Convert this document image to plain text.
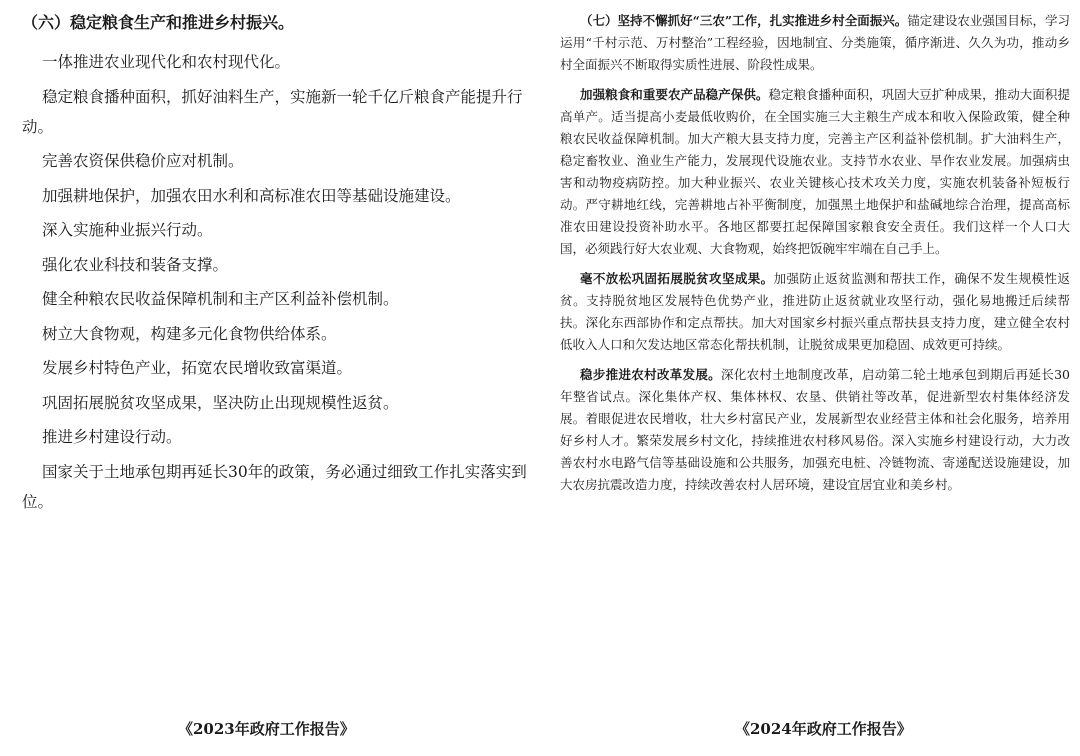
（六）稳定粮食生产和推进乡村振兴。
一体推进农业现代化和农村现代化。
稳定粮食播种面积，抓好油料生产，实施新一轮千亿斤粮食产能提升行动。
完善农资保供稳价应对机制。
加强耕地保护，加强农田水利和高标准农田等基础设施建设。
深入实施种业振兴行动。
强化农业科技和装备支撑。
健全种粮农民收益保障机制和主产区利益补偿机制。
树立大食物观，构建多元化食物供给体系。
发展乡村特色产业，拓宽农民增收致富渠道。
巩固拓展脱贫攻坚成果，坚决防止出现规模性返贫。
推进乡村建设行动。
国家关于土地承包期再延长30年的政策，务必通过细致工作扎实落实到位。

（七）坚持不懈抓好“三农”工作，扎实推进乡村全面振兴。锚定建设农业强国目标，学习运用“千村示范、万村整治”工程经验，因地制宜、分类施策，循序渐进、久久为功，推动乡村全面振兴不断取得实质性进展、阶段性成果。

加强粮食和重要农产品稳产保供。稳定粮食播种面积，巩固大豆扩种成果，推动大面积提高单产。适当提高小麦最低收购价，在全国实施三大主粮生产成本和收入保险政策，健全种粮农民收益保障机制。加大产粮大县支持力度，完善主产区利益补偿机制。扩大油料生产，稳定畜牧业、渔业生产能力，发展现代设施农业。支持节水农业、旱作农业发展。加强病虫害和动物疫病防控。加大种业振兴、农业关键核心技术攻关力度，实施农机装备补短板行动。严守耕地红线，完善耕地占补平衡制度，加强黑土地保护和盐碱地综合治理，提高高标准农田建设投资补助水平。各地区都要扛起保障国家粮食安全责任。我们这样一个人口大国，必须践行好大农业观、大食物观，始终把饭碗牢牢端在自己手上。

毫不放松巩固拓展脱贫攻坚成果。加强防止返贫监测和帮扶工作，确保不发生规模性返贫。支持脱贫地区发展特色优势产业，推进防止返贫就业攻坚行动，强化易地搬迁后续帮扶。深化东西部协作和定点帮扶。加大对国家乡村振兴重点帮扶县支持力度，建立健全农村低收入人口和欠发达地区常态化帮扶机制，让脱贫成果更加稳固、成效更可持续。

稳步推进农村改革发展。深化农村土地制度改革，启动第二轮土地承包到期后再延长30年整省试点。深化集体产权、集体林权、农垦、供销社等改革，促进新型农村集体经济发展。着眼促进农民增收，壮大乡村富民产业，发展新型农业经营主体和社会化服务，培养用好乡村人才。繁荣发展乡村文化，持续推进农村移风易俗。深入实施乡村建设行动，大力改善农村水电路气信等基础设施和公共服务，加强充电桩、冷链物流、寄递配送设施建设，加大农房抗震改造力度，持续改善农村人居环境，建设宜居宜业和美乡村。

《2023年政府工作报告》	《2024年政府工作报告》
